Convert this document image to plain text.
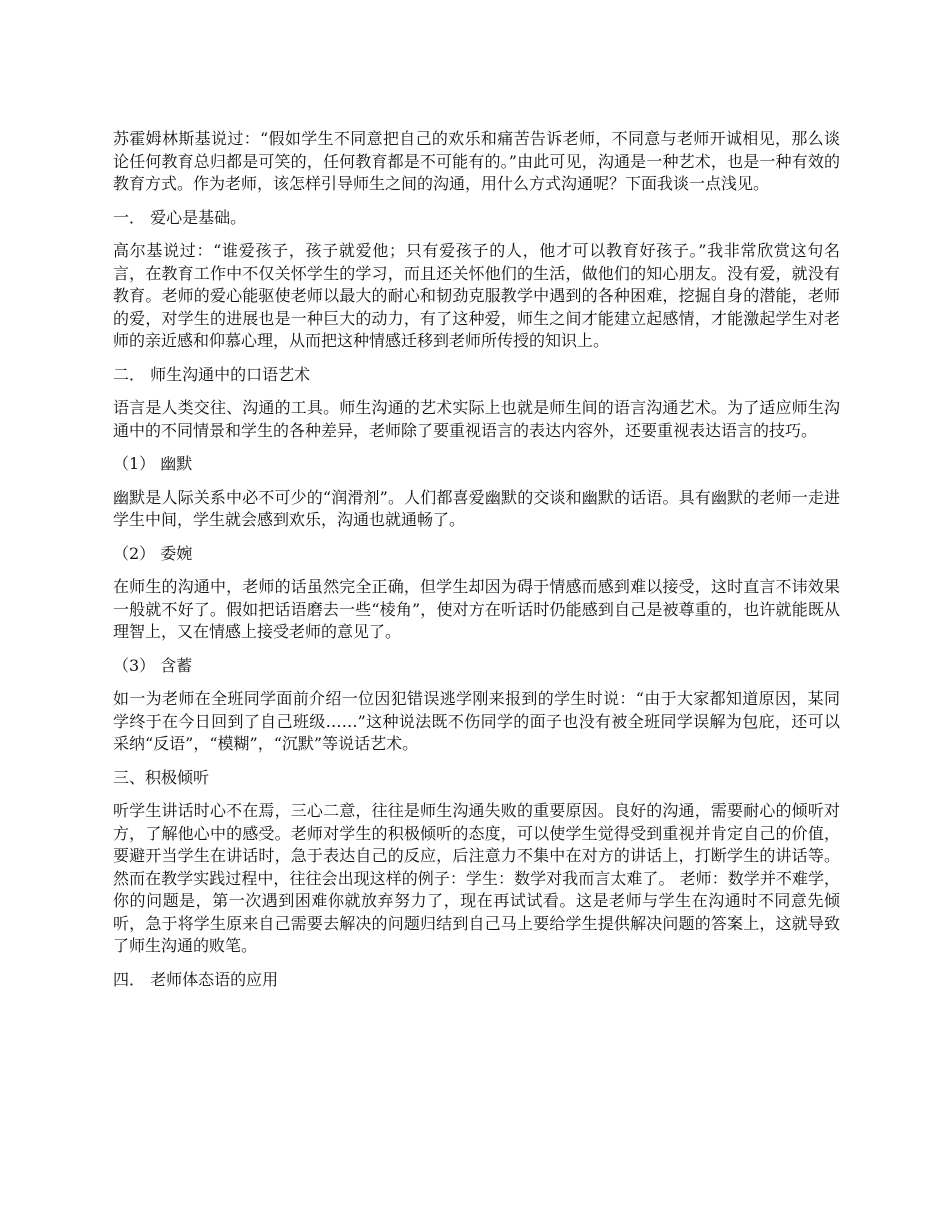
苏霍姆林斯基说过：“假如学生不同意把自己的欢乐和痛苦告诉老师，不同意与老师开诚相见，那么谈论任何教育总归都是可笑的，任何教育都是不可能有的。”由此可见，沟通是一种艺术，也是一种有效的教育方式。作为老师，该怎样引导师生之间的沟通，用什么方式沟通呢？下面我谈一点浅见。

一． 爱心是基础。

高尔基说过：“谁爱孩子，孩子就爱他；只有爱孩子的人，他才可以教育好孩子。”我非常欣赏这句名言，在教育工作中不仅关怀学生的学习，而且还关怀他们的生活，做他们的知心朋友。没有爱，就没有教育。老师的爱心能驱使老师以最大的耐心和韧劲克服教学中遇到的各种困难，挖掘自身的潜能，老师的爱，对学生的进展也是一种巨大的动力，有了这种爱，师生之间才能建立起感情，才能激起学生对老师的亲近感和仰慕心理，从而把这种情感迁移到老师所传授的知识上。

二． 师生沟通中的口语艺术

语言是人类交往、沟通的工具。师生沟通的艺术实际上也就是师生间的语言沟通艺术。为了适应师生沟通中的不同情景和学生的各种差异，老师除了要重视语言的表达内容外，还要重视表达语言的技巧。

（1） 幽默

幽默是人际关系中必不可少的“润滑剂”。人们都喜爱幽默的交谈和幽默的话语。具有幽默的老师一走进学生中间，学生就会感到欢乐，沟通也就通畅了。

（2） 委婉

在师生的沟通中，老师的话虽然完全正确，但学生却因为碍于情感而感到难以接受，这时直言不讳效果一般就不好了。假如把话语磨去一些“棱角”，使对方在听话时仍能感到自己是被尊重的，也许就能既从理智上，又在情感上接受老师的意见了。

（3） 含蓄

如一为老师在全班同学面前介绍一位因犯错误逃学刚来报到的学生时说：“由于大家都知道原因，某同学终于在今日回到了自己班级……”这种说法既不伤同学的面子也没有被全班同学误解为包庇，还可以采纳“反语”，“模糊”，“沉默”等说话艺术。

三、积极倾听

听学生讲话时心不在焉，三心二意，往往是师生沟通失败的重要原因。良好的沟通，需要耐心的倾听对方，了解他心中的感受。老师对学生的积极倾听的态度，可以使学生觉得受到重视并肯定自己的价值，要避开当学生在讲话时，急于表达自己的反应，后注意力不集中在对方的讲话上，打断学生的讲话等。然而在教学实践过程中，往往会出现这样的例子：学生：数学对我而言太难了。 老师：数学并不难学，你的问题是，第一次遇到困难你就放弃努力了，现在再试试看。这是老师与学生在沟通时不同意先倾听，急于将学生原来自己需要去解决的问题归结到自己马上要给学生提供解决问题的答案上，这就导致了师生沟通的败笔。

四． 老师体态语的应用
